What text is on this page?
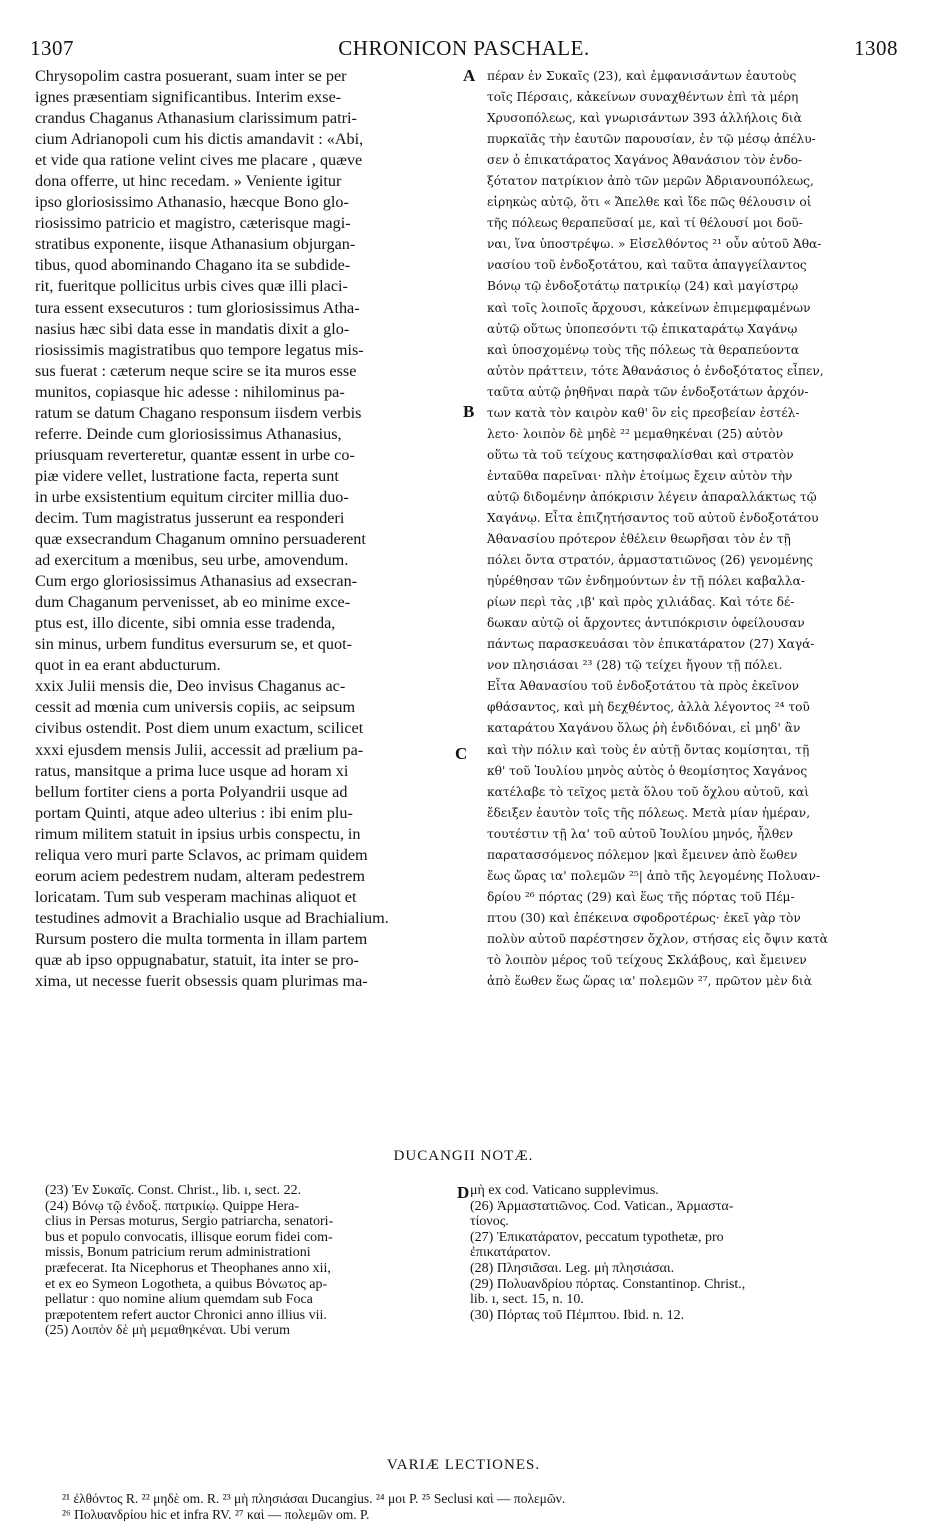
1307	CHRONICON PASCHALE.	1308
Chrysopolim castra posuerant, suam inter se per
ignes præsentiam significantibus. Interim exse-
crandus Chaganus Athanasium clarissimum patri-
cium Adrianopoli cum his dictis amandavit : «Abi,
et vide qua ratione velint cives me placare , quæve
dona offerre, ut hinc recedam. » Veniente igitur
ipso gloriosissimo Athanasio, hæcque Bono glo-
riosissimo patricio et magistro, cæterisque magi-
stratibus exponente, iisque Athanasium objurgan-
tibus, quod abominando Chagano ita se subdide-
rit, fueritque pollicitus urbis cives quæ illi placi-
tura essent exsecuturos : tum gloriosissimus Atha-
nasius hæc sibi data esse in mandatis dixit a glo-
riosissimis magistratibus quo tempore legatus mis-
sus fuerat : cæterum neque scire se ita muros esse
munitos, copiasque hic adesse : nihilominus pa-
ratum se datum Chagano responsum iisdem verbis
referre. Deinde cum gloriosissimus Athanasius,
priusquam reverteretur, quantæ essent in urbe co-
piæ videre vellet, lustratione facta, reperta sunt
in urbe exsistentium equitum circiter millia duo-
decim. Tum magistratus jusserunt ea responderi
quæ exsecrandum Chaganum omnino persuaderent
ad exercitum a mœnibus, seu urbe, amovendum.
Cum ergo gloriosissimus Athanasius ad exsecran-
dum Chaganum pervenisset, ab eo minime exce-
ptus est, illo dicente, sibi omnia esse tradenda,
sin minus, urbem funditus eversurum se, et quot-
quot in ea erant abducturum.
xxix Julii mensis die, Deo invisus Chaganus ac-
cessit ad mœnia cum universis copiis, ac seipsum
civibus ostendit. Post diem unum exactum, scilicet
xxxi ejusdem mensis Julii, accessit ad prælium pa-
ratus, mansitque a prima luce usque ad horam xi
bellum fortiter ciens a porta Polyandrii usque ad
portam Quinti, atque adeo ulterius : ibi enim plu-
rimum militem statuit in ipsius urbis conspectu, in
reliqua vero muri parte Sclavos, ac primam quidem
eorum aciem pedestrem nudam, alteram pedestrem
loricatam. Tum sub vesperam machinas aliquot et
testudines admovit a Brachialio usque ad Brachialium.
Rursum postero die multa tormenta in illam partem
quæ ab ipso oppugnabatur, statuit, ita inter se pro-
xima, ut necesse fuerit obsessis quam plurimas ma-
πέραν ἐν Συκαῖς (23), καὶ ἐμφανισάντων ἑαυτοὺς
τοῖς Πέρσαις, κἀκείνων συναχθέντων ἐπὶ τὰ μέρη
Χρυσοπόλεως, καὶ γνωρισάντων 393 ἀλλήλοις διὰ
πυρκαϊᾶς τὴν ἑαυτῶν παρουσίαν, ἐν τῷ μέσῳ ἀπέλυ-
σεν ὁ ἐπικατάρατος Χαγάνος Ἀθανάσιον τὸν ἐνδο-
ξότατον πατρίκιον ἀπὸ τῶν μερῶν Ἀδριανουπόλεως,
εἰρηκὼς αὐτῷ, ὅτι « Ἄπελθε καὶ ἴδε πῶς θέλουσιν οἱ
τῆς πόλεως θεραπεῦσαί με, καὶ τί θέλουσί μοι δοῦ-
ναι, ἵνα ὑποστρέψω. » Εἰσελθόντος ²¹ οὖν αὐτοῦ Ἀθα-
νασίου τοῦ ἐνδοξοτάτου, καὶ ταῦτα ἀπαγγείλαντος
Βόνῳ τῷ ἐνδοξοτάτῳ πατρικίῳ (24) καὶ μαγίστρῳ
καὶ τοῖς λοιποῖς ἄρχουσι, κἀκείνων ἐπιμεμφαμένων
αὐτῷ οὕτως ὑποπεσόντι τῷ ἐπικαταράτῳ Χαγάνῳ
καὶ ὑποσχομένῳ τοὺς τῆς πόλεως τὰ θεραπεύοντα
αὐτὸν πράττειν, τότε Ἀθανάσιος ὁ ἐνδοξότατος εἶπεν,
ταῦτα αὐτῷ ῥηθῆναι παρὰ τῶν ἐνδοξοτάτων ἀρχόν-
των κατὰ τὸν καιρὸν καθ' ὃν εἰς πρεσβείαν ἐστέλ-
λετο· λοιπὸν δὲ μηδὲ ²² μεμαθηκέναι (25) αὐτὸν
οὕτω τὰ τοῦ τείχους κατησφαλίσθαι καὶ στρατὸν
ἐνταῦθα παρεῖναι· πλὴν ἑτοίμως ἔχειν αὐτὸν τὴν
αὐτῷ διδομένην ἀπόκρισιν λέγειν ἀπαραλλάκτως τῷ
Χαγάνῳ. Εἶτα ἐπιζητήσαντος τοῦ αὐτοῦ ἐνδοξοτάτου
Ἀθανασίου πρότερον ἐθέλειν θεωρῆσαι τὸν ἐν τῇ
πόλει ὄντα στρατόν, ἁρμαστατιῶνος (26) γενομένης
ηὑρέθησαν τῶν ἐνδημούντων ἐν τῇ πόλει καβαλλα-
ρίων περὶ τὰς ‚ιβ' καὶ πρὸς χιλιάδας. Καὶ τότε δέ-
δωκαν αὐτῷ οἱ ἄρχοντες ἀντιπόκρισιν ὀφείλουσαν
πάντως παρασκευάσαι τὸν ἐπικατάρατον (27) Χαγά-
νον πλησιάσαι ²³ (28) τῷ τείχει ἤγουν τῇ πόλει.
Εἶτα Ἀθανασίου τοῦ ἐνδοξοτάτου τὰ πρὸς ἐκεῖνον
φθάσαντος, καὶ μὴ δεχθέντος, ἀλλὰ λέγοντος ²⁴ τοῦ
καταράτου Χαγάνου ὅλως ῥὴ ἐνδιδόναι, εἰ μηδ' ἂν
καὶ τὴν πόλιν καὶ τοὺς ἐν αὐτῇ ὄντας κομίσηται, τῇ
κθ' τοῦ Ἰουλίου μηνὸς αὐτὸς ὁ θεομίσητος Χαγάνος
κατέλαβε τὸ τεῖχος μετὰ ὅλου τοῦ ὄχλου αὐτοῦ, καὶ
ἔδειξεν ἑαυτὸν τοῖς τῆς πόλεως. Μετὰ μίαν ἡμέραν,
τουτέστιν τῇ λα' τοῦ αὐτοῦ Ἰουλίου μηνός, ἦλθεν
παρατασσόμενος πόλεμον |καὶ ἔμεινεν ἀπὸ ἕωθεν
ἕως ὥρας ια' πολεμῶν ²⁵| ἀπὸ τῆς λεγομένης Πολυαν-
δρίου ²⁶ πόρτας (29) καὶ ἕως τῆς πόρτας τοῦ Πέμ-
πτου (30) καὶ ἐπέκεινα σφοδροτέρως· ἐκεῖ γὰρ τὸν
πολὺν αὐτοῦ παρέστησεν ὄχλον, στήσας εἰς ὄψιν κατὰ
τὸ λοιπὸν μέρος τοῦ τείχους Σκλάβους, καὶ ἔμεινεν
ἀπὸ ἕωθεν ἕως ὥρας ια' πολεμῶν ²⁷, πρῶτον μὲν διὰ
A
B
C
D
DUCANGII NOTÆ.
(23) Ἐν Συκαῖς. Const. Christ., lib. ı, sect. 22.
(24) Βόνῳ τῷ ἐνδοξ. πατρικίῳ. Quippe Hera-
clius in Persas moturus, Sergio patriarcha, senatori-
bus et populo convocatis, illisque eorum fidei com-
missis, Bonum patricium rerum administrationi
præfecerat. Ita Nicephorus et Theophanes anno xii,
et ex eo Symeon Logotheta, a quibus Βόνωτος ap-
pellatur : quo nomine alium quemdam sub Foca
præpotentem refert auctor Chronici anno illius vii.
(25) Λοιπὸν δὲ μὴ μεμαθηκέναι. Ubi verum
μὴ ex cod. Vaticano supplevimus.
(26) Ἁρμαστατιῶνος. Cod. Vatican., Ἀρμαστα-
τίονος.
(27) Ἐπικατάρατον, peccatum typothetæ, pro
ἐπικατάρατον.
(28) Πλησιᾶσαι. Leg. μὴ πλησιάσαι.
(29) Πολυανδρίου πόρτας. Constantinop. Christ.,
lib. ı, sect. 15, n. 10.
(30) Πόρτας τοῦ Πέμπτου. Ibid. n. 12.
VARIÆ LECTIONES.
²¹ ἐλθόντος R. ²² μηδὲ om. R. ²³ μὴ πλησιάσαι Ducangius. ²⁴ μοι P. ²⁵ Seclusi καὶ — πολεμῶν.
²⁶ Πολυανδρίου hic et infra RV. ²⁷ καὶ — πολεμῶν om. P.
